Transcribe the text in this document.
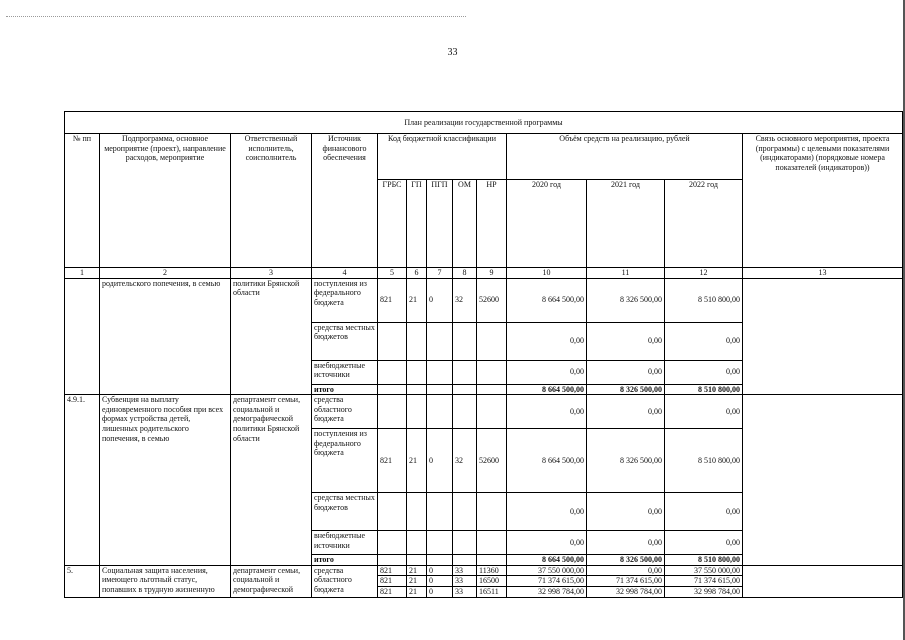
33
План реализации государственной программы												
№ пп	Подпрограмма, основное мероприятие (проект), направление расходов, мероприятие	Ответственный исполнитель, соисполнитель	Источник финансового обеспечения	Код бюджетной классификации					Объём средств на реализацию, рублей			Связь основного мероприятия, проекта (программы) с целевыми показателями (индикаторами) (порядковые номера показателей (индикаторов))
				ГРБС	ГП	ПГП	ОМ	НР	2020 год	2021 год	2022 год	
1	2	3	4	5	6	7	8	9	10	11	12	13
	родительского попечения, в семью	политики Брянской области	поступления из федерального бюджета	821	21	0	32	52600	8 664 500,00	8 326 500,00	8 510 800,00	
			средства местных бюджетов						0,00	0,00	0,00	
			внебюджетные источники						0,00	0,00	0,00	
			итого						8 664 500,00	8 326 500,00	8 510 800,00	
4.9.1.	Субвенция на выплату единовременного пособия при всех формах устройства детей, лишенных родительского попечения, в семью	департамент семьи, социальной и демографической политики Брянской области	средства областного бюджета						0,00	0,00	0,00	
			поступления из федерального бюджета	821	21	0	32	52600	8 664 500,00	8 326 500,00	8 510 800,00	
			средства местных бюджетов						0,00	0,00	0,00	
			внебюджетные источники						0,00	0,00	0,00	
			итого						8 664 500,00	8 326 500,00	8 510 800,00	
5.	Социальная защита населения, имеющего льготный статус, попавших в трудную жизненную	департамент семьи, социальной и демографической	средства областного бюджета	821	21	0	33	11360	37 550 000,00	0,00	37 550 000,00	
				821	21	0	33	16500	71 374 615,00	71 374 615,00	71 374 615,00	
				821	21	0	33	16511	32 998 784,00	32 998 784,00	32 998 784,00	
